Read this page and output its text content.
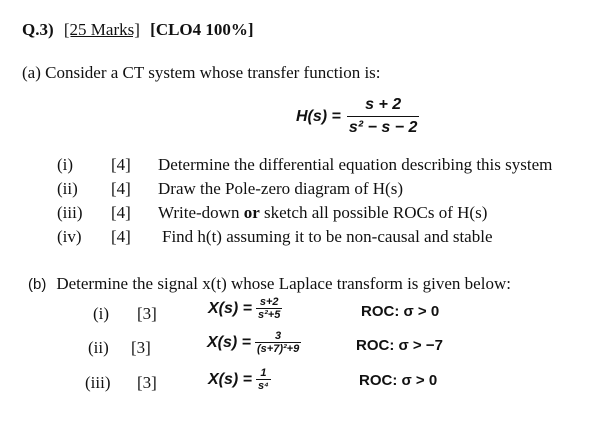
Q.3) [25 Marks] [CLO4 100%]
(a) Consider a CT system whose transfer function is:
$H(s) = \frac{s + 2}{\text{s² − s − 2}}$
(i) [4] Determine the differential equation describing this system
(ii) [4] Draw the Pole-zero diagram of H(s)
(iii) [4] Write-down or sketch all possible ROCs of H(s)
(iv) [4] Find h(t) assuming it to be non-causal and stable
(b) Determine the signal x(t) whose Laplace transform is given below:
(i) [3]	$X(s) = \frac{s+2}{\text{s²+5}}$	ROC: σ > 0
(ii) [3]	$X(s) = \frac{3}{\text{(s+7)²+9}}$	ROC: σ > −7
(iii) [3]	$X(s) = \frac{1}{\text{s⁴}}$	ROC: σ > 0
